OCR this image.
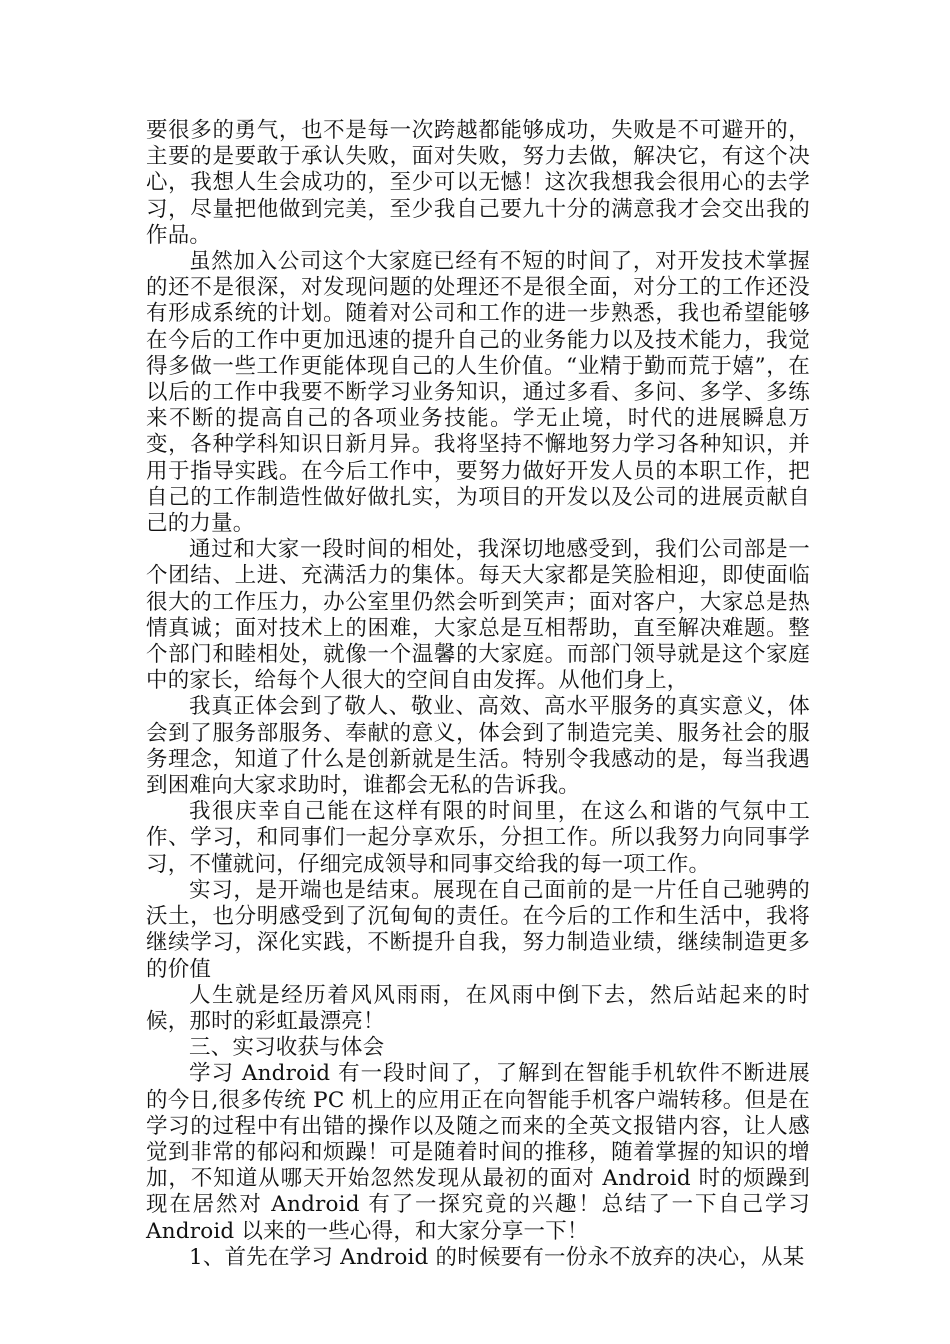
要很多的勇气，也不是每一次跨越都能够成功，失败是不可避开的，主要的是要敢于承认失败，面对失败，努力去做，解决它，有这个决心，我想人生会成功的，至少可以无憾！这次我想我会很用心的去学习，尽量把他做到完美，至少我自己要九十分的满意我才会交出我的作品。

虽然加入公司这个大家庭已经有不短的时间了，对开发技术掌握的还不是很深，对发现问题的处理还不是很全面，对分工的工作还没有形成系统的计划。随着对公司和工作的进一步熟悉，我也希望能够在今后的工作中更加迅速的提升自己的业务能力以及技术能力，我觉得多做一些工作更能体现自己的人生价值。“业精于勤而荒于嬉”，在以后的工作中我要不断学习业务知识，通过多看、多问、多学、多练来不断的提高自己的各项业务技能。学无止境，时代的进展瞬息万变，各种学科知识日新月异。我将坚持不懈地努力学习各种知识，并用于指导实践。在今后工作中，要努力做好开发人员的本职工作，把自己的工作制造性做好做扎实，为项目的开发以及公司的进展贡献自己的力量。

通过和大家一段时间的相处，我深切地感受到，我们公司部是一个团结、上进、充满活力的集体。每天大家都是笑脸相迎，即使面临很大的工作压力，办公室里仍然会听到笑声；面对客户，大家总是热情真诚；面对技术上的困难，大家总是互相帮助，直至解决难题。整个部门和睦相处，就像一个温馨的大家庭。而部门领导就是这个家庭中的家长，给每个人很大的空间自由发挥。从他们身上，

我真正体会到了敬人、敬业、高效、高水平服务的真实意义，体会到了服务部服务、奉献的意义，体会到了制造完美、服务社会的服务理念，知道了什么是创新就是生活。特别令我感动的是，每当我遇到困难向大家求助时，谁都会无私的告诉我。

我很庆幸自己能在这样有限的时间里，在这么和谐的气氛中工作、学习，和同事们一起分享欢乐，分担工作。所以我努力向同事学习，不懂就问，仔细完成领导和同事交给我的每一项工作。

实习，是开端也是结束。展现在自己面前的是一片任自己驰骋的沃土，也分明感受到了沉甸甸的责任。在今后的工作和生活中，我将继续学习，深化实践，不断提升自我，努力制造业绩，继续制造更多的价值

人生就是经历着风风雨雨，在风雨中倒下去，然后站起来的时候，那时的彩虹最漂亮！

三、实习收获与体会

学习 Android 有一段时间了，了解到在智能手机软件不断进展的今日,很多传统 PC 机上的应用正在向智能手机客户端转移。但是在学习的过程中有出错的操作以及随之而来的全英文报错内容，让人感觉到非常的郁闷和烦躁！可是随着时间的推移，随着掌握的知识的增加，不知道从哪天开始忽然发现从最初的面对 Android 时的烦躁到现在居然对 Android 有了一探究竟的兴趣！总结了一下自己学习 Android 以来的一些心得，和大家分享一下！

1、首先在学习 Android 的时候要有一份永不放弃的决心，从某
